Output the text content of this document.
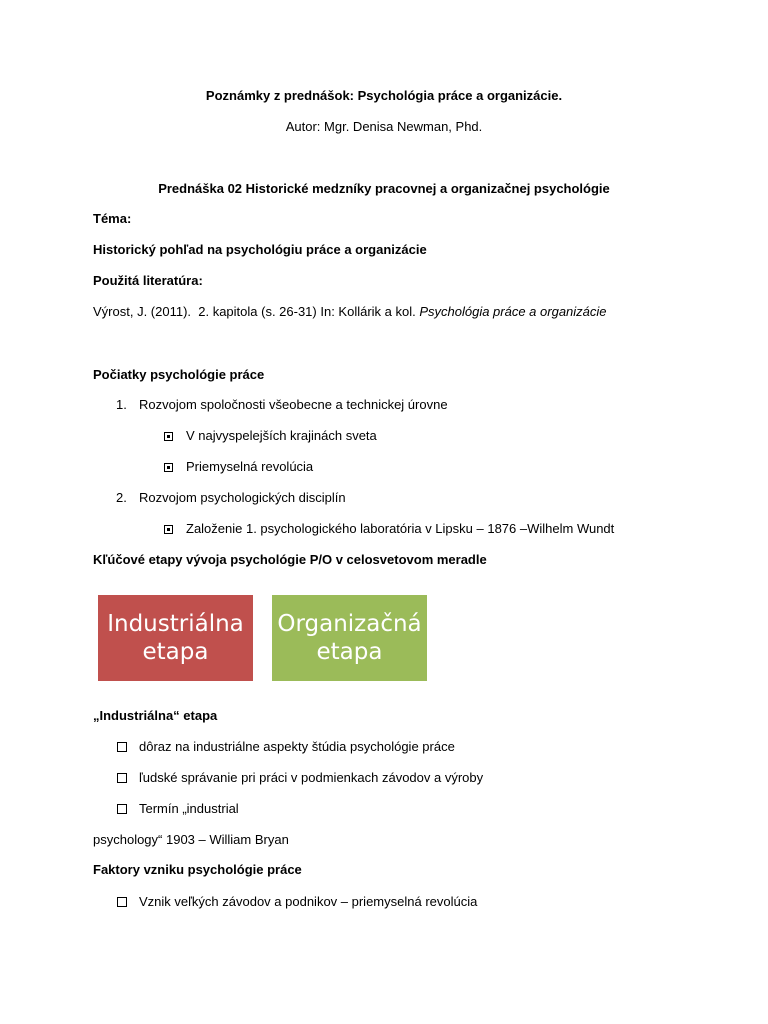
Poznámky z prednášok: Psychológia práce a organizácie.
Autor: Mgr. Denisa Newman, Phd.
Prednáška 02 Historické medzníky pracovnej a organizačnej psychológie
Téma:
Historický pohľad na psychológiu práce a organizácie
Použitá literatúra:
Výrost, J. (2011).  2. kapitola (s. 26-31) In: Kollárik a kol. Psychológia práce a organizácie
Počiatky psychológie práce
1. Rozvojom spoločnosti všeobecne a technickej úrovne
V najvyspelejších krajinách sveta
Priemyselná revolúcia
2. Rozvojom psychologických disciplín
Založenie 1. psychologického laboratória v Lipsku – 1876 –Wilhelm Wundt
Kľúčové etapy vývoja psychológie P/O v celosvetovom meradle
Industriálna
etapa
Organizačná
etapa
„Industriálna“ etapa
dôraz na industriálne aspekty štúdia psychológie práce
ľudské správanie pri práci v podmienkach závodov a výroby
Termín „industrial
psychology“ 1903 – William Bryan
Faktory vzniku psychológie práce
Vznik veľkých závodov a podnikov – priemyselná revolúcia
